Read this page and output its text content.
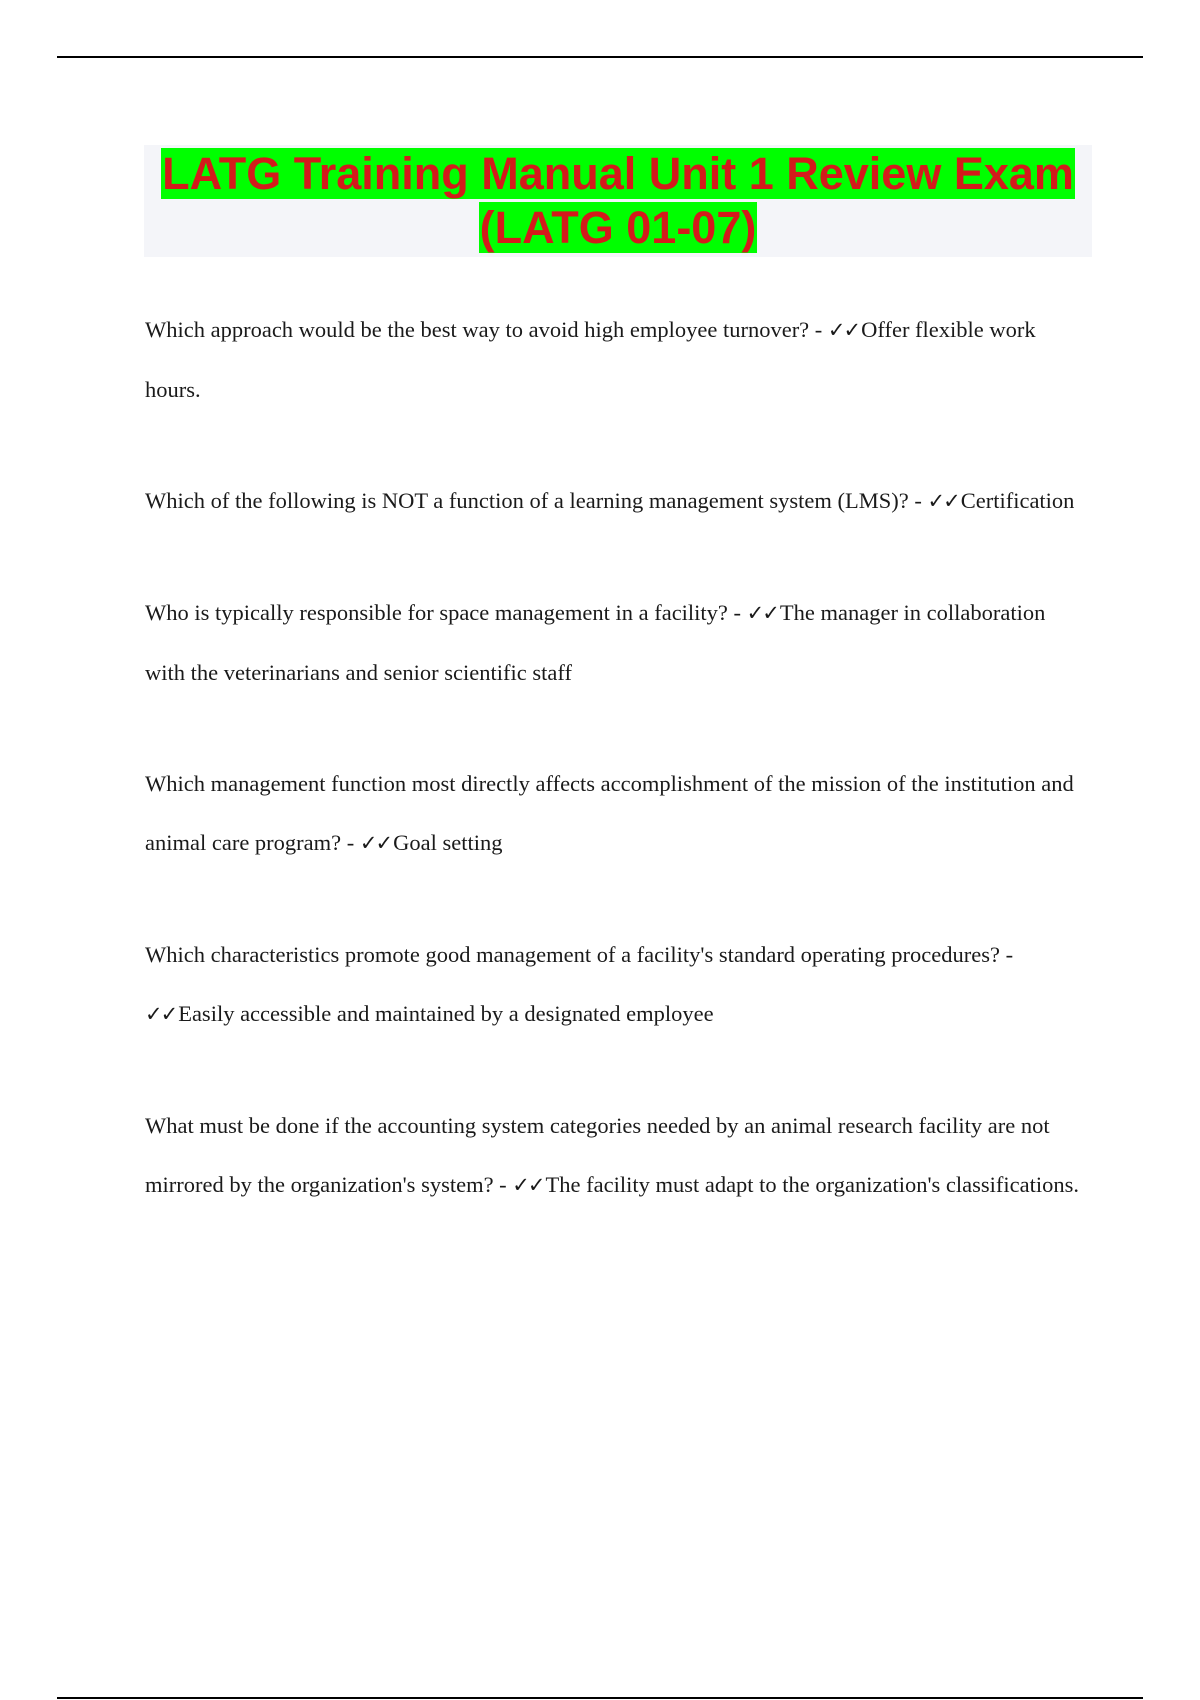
LATG Training Manual Unit 1 Review Exam (LATG 01-07)

Which approach would be the best way to avoid high employee turnover? - ✓✓Offer flexible work hours.

Which of the following is NOT a function of a learning management system (LMS)? - ✓✓Certification

Who is typically responsible for space management in a facility? - ✓✓The manager in collaboration with the veterinarians and senior scientific staff

Which management function most directly affects accomplishment of the mission of the institution and animal care program? - ✓✓Goal setting

Which characteristics promote good management of a facility's standard operating procedures? - ✓✓Easily accessible and maintained by a designated employee

What must be done if the accounting system categories needed by an animal research facility are not mirrored by the organization's system? - ✓✓The facility must adapt to the organization's classifications.
